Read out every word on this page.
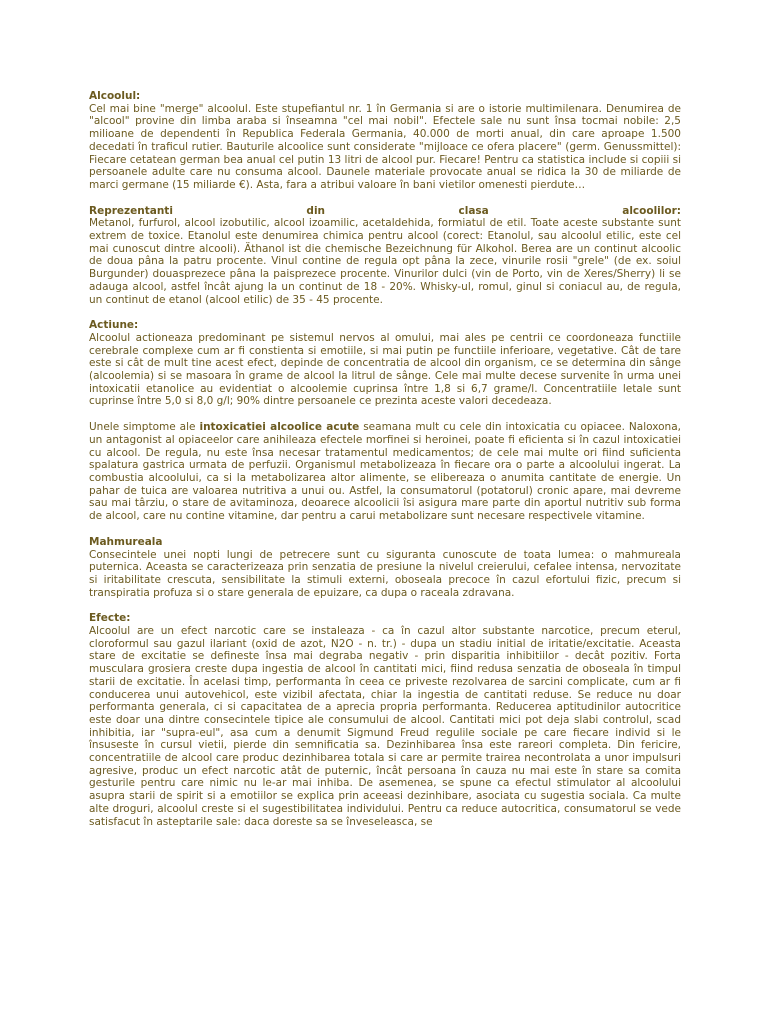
Alcoolul:

Cel mai bine "merge" alcoolul. Este stupefiantul nr. 1 în Germania si are o istorie multimilenara. Denumirea de "alcool" provine din limba araba si înseamna "cel mai nobil". Efectele sale nu sunt însa tocmai nobile: 2,5 milioane de dependenti în Republica Federala Germania, 40.000 de morti anual, din care aproape 1.500 decedati în traficul rutier. Bauturile alcoolice sunt considerate "mijloace ce ofera placere" (germ. Genussmittel): Fiecare cetatean german bea anual cel putin 13 litri de alcool pur. Fiecare! Pentru ca statistica include si copiii si persoanele adulte care nu consuma alcool. Daunele materiale provocate anual se ridica la 30 de miliarde de marci germane (15 miliarde €). Asta, fara a atribui valoare în bani vietilor omenesti pierdute…

Reprezentanti	din	clasa	alcoolilor:

Metanol, furfurol, alcool izobutilic, alcool izoamilic, acetaldehida, formiatul de etil. Toate aceste substante sunt extrem de toxice. Etanolul este denumirea chimica pentru alcool (corect: Etanolul, sau alcoolul etilic, este cel mai cunoscut dintre alcooli). Äthanol ist die chemische Bezeichnung für Alkohol. Berea are un continut alcoolic de doua pâna la patru procente. Vinul contine de regula opt pâna la zece, vinurile rosii "grele" (de ex. soiul Burgunder) douasprezece pâna la paisprezece procente. Vinurilor dulci (vin de Porto, vin de Xeres/Sherry) li se adauga alcool, astfel încât ajung la un continut de 18 - 20%. Whisky-ul, romul, ginul si coniacul au, de regula, un continut de etanol (alcool etilic) de 35 - 45 procente.

Actiune:

Alcoolul actioneaza predominant pe sistemul nervos al omului, mai ales pe centrii ce coordoneaza functiile cerebrale complexe cum ar fi constienta si emotiile, si mai putin pe functiile inferioare, vegetative. Cât de tare este si cât de mult tine acest efect, depinde de concentratia de alcool din organism, ce se determina din sânge (alcoolemia) si se masoara în grame de alcool la litrul de sânge. Cele mai multe decese survenite în urma unei intoxicatii etanolice au evidentiat o alcoolemie cuprinsa între 1,8 si 6,7 grame/l. Concentratiile letale sunt cuprinse între 5,0 si 8,0 g/l; 90% dintre persoanele ce prezinta aceste valori decedeaza.

Unele simptome ale intoxicatiei alcoolice acute seamana mult cu cele din intoxicatia cu opiacee. Naloxona, un antagonist al opiaceelor care anihileaza efectele morfinei si heroinei, poate fi eficienta si în cazul intoxicatiei cu alcool. De regula, nu este însa necesar tratamentul medicamentos; de cele mai multe ori fiind suficienta spalatura gastrica urmata de perfuzii. Organismul metabolizeaza în fiecare ora o parte a alcoolului ingerat. La combustia alcoolului, ca si la metabolizarea altor alimente, se elibereaza o anumita cantitate de energie. Un pahar de tuica are valoarea nutritiva a unui ou. Astfel, la consumatorul (potatorul) cronic apare, mai devreme sau mai târziu, o stare de avitaminoza, deoarece alcoolicii îsi asigura mare parte din aportul nutritiv sub forma de alcool, care nu contine vitamine, dar pentru a carui metabolizare sunt necesare respectivele vitamine.

Mahmureala

Consecintele unei nopti lungi de petrecere sunt cu siguranta cunoscute de toata lumea: o mahmureala puternica. Aceasta se caracterizeaza prin senzatia de presiune la nivelul creierului, cefalee intensa, nervozitate si iritabilitate crescuta, sensibilitate la stimuli externi, oboseala precoce în cazul efortului fizic, precum si transpiratia profuza si o stare generala de epuizare, ca dupa o raceala zdravana.

Efecte:

Alcoolul are un efect narcotic care se instaleaza - ca în cazul altor substante narcotice, precum eterul, cloroformul sau gazul ilariant (oxid de azot, N2O - n. tr.) - dupa un stadiu initial de iritatie/excitatie. Aceasta stare de excitatie se defineste însa mai degraba negativ - prin disparitia inhibitiilor - decât pozitiv. Forta musculara grosiera creste dupa ingestia de alcool în cantitati mici, fiind redusa senzatia de oboseala în timpul starii de excitatie. În acelasi timp, performanta în ceea ce priveste rezolvarea de sarcini complicate, cum ar fi conducerea unui autovehicol, este vizibil afectata, chiar la ingestia de cantitati reduse. Se reduce nu doar performanta generala, ci si capacitatea de a aprecia propria performanta. Reducerea aptitudinilor autocritice este doar una dintre consecintele tipice ale consumului de alcool. Cantitati mici pot deja slabi controlul, scad inhibitia, iar "supra-eul", asa cum a denumit Sigmund Freud regulile sociale pe care fiecare individ si le însuseste în cursul vietii, pierde din semnificatia sa. Dezinhibarea însa este rareori completa. Din fericire, concentratiile de alcool care produc dezinhibarea totala si care ar permite trairea necontrolata a unor impulsuri agresive, produc un efect narcotic atât de puternic, încât persoana în cauza nu mai este în stare sa comita gesturile pentru care nimic nu le-ar mai inhiba. De asemenea, se spune ca efectul stimulator al alcoolului asupra starii de spirit si a emotiilor se explica prin aceeasi dezinhibare, asociata cu sugestia sociala. Ca multe alte droguri, alcoolul creste si el sugestibilitatea individului. Pentru ca reduce autocritica, consumatorul se vede satisfacut în asteptarile sale: daca doreste sa se înveseleasca, se
